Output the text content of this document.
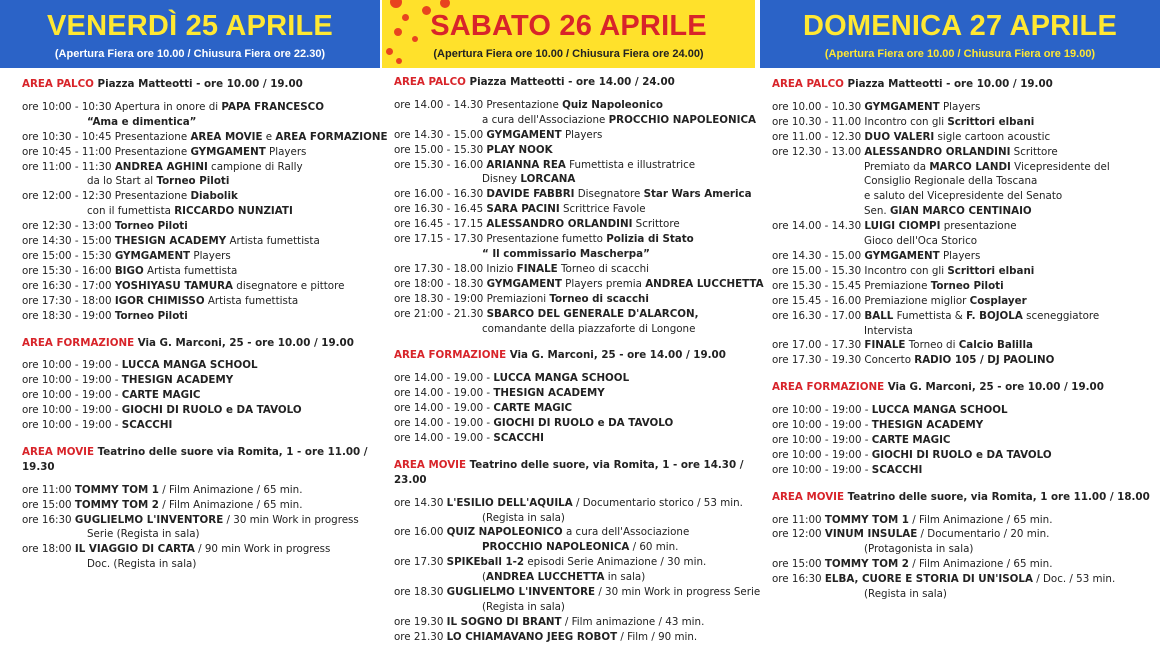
VENERDÌ 25 APRILE
(Apertura Fiera ore 10.00 / Chiusura Fiera ore 22.30)
AREA PALCO Piazza Matteotti - ore 10.00 / 19.00
ore 10:00 - 10:30 Apertura in onore di PAPA FRANCESCO
“Ama e dimentica”
ore 10:30 - 10:45 Presentazione AREA MOVIE e AREA FORMAZIONE
ore 10:45 - 11:00 Presentazione GYMGAMENT Players
ore 11:00 - 11:30 ANDREA AGHINI campione di Rally
da lo Start al Torneo Piloti
ore 12:00 - 12:30 Presentazione Diabolik
con il fumettista RICCARDO NUNZIATI
ore 12:30 - 13:00 Torneo Piloti
ore 14:30 - 15:00 THESIGN ACADEMY Artista fumettista
ore 15:00 - 15:30 GYMGAMENT Players
ore 15:30 - 16:00 BIGO Artista fumettista
ore 16:30 - 17:00 YOSHIYASU TAMURA disegnatore e pittore
ore 17:30 - 18:00 IGOR CHIMISSO Artista fumettista
ore 18:30 - 19:00 Torneo Piloti
AREA FORMAZIONE Via G. Marconi, 25 - ore 10.00 / 19.00
ore 10:00 - 19:00 - LUCCA MANGA SCHOOL
ore 10:00 - 19:00 - THESIGN ACADEMY
ore 10:00 - 19:00 - CARTE MAGIC
ore 10:00 - 19:00 - GIOCHI DI RUOLO e DA TAVOLO
ore 10:00 - 19:00 - SCACCHI
AREA MOVIE Teatrino delle suore via Romita, 1 - ore 11.00 / 19.30
ore 11:00 TOMMY TOM 1 / Film Animazione / 65 min.
ore 15:00 TOMMY TOM 2 / Film Animazione / 65 min.
ore 16:30 GUGLIELMO L'INVENTORE / 30 min Work in progress
Serie (Regista in sala)
ore 18:00 IL VIAGGIO DI CARTA / 90 min Work in progress
Doc. (Regista in sala)
SABATO 26 APRILE
(Apertura Fiera ore 10.00 / Chiusura Fiera ore 24.00)
AREA PALCO Piazza Matteotti - ore 14.00 / 24.00
ore 14.00 - 14.30 Presentazione Quiz Napoleonico
a cura dell'Associazione PROCCHIO NAPOLEONICA
ore 14.30 - 15.00 GYMGAMENT Players
ore 15.00 - 15.30 PLAY NOOK
ore 15.30 - 16.00 ARIANNA REA Fumettista e illustratrice
Disney LORCANA
ore 16.00 - 16.30 DAVIDE FABBRI Disegnatore Star Wars America
ore 16.30 - 16.45 SARA PACINI Scrittrice Favole
ore 16.45 - 17.15 ALESSANDRO ORLANDINI Scrittore
ore 17.15 - 17.30 Presentazione fumetto Polizia di Stato
“ Il commissario Mascherpa”
ore 17.30 - 18.00 Inizio FINALE Torneo di scacchi
ore 18:00 - 18.30 GYMGAMENT Players premia ANDREA LUCCHETTA
ore 18.30 - 19:00 Premiazioni Torneo di scacchi
ore 21:00 - 21.30 SBARCO DEL GENERALE D'ALARCON,
comandante della piazzaforte di Longone
AREA FORMAZIONE Via G. Marconi, 25 - ore 14.00 / 19.00
ore 14.00 - 19.00 - LUCCA MANGA SCHOOL
ore 14.00 - 19.00 - THESIGN ACADEMY
ore 14.00 - 19.00 - CARTE MAGIC
ore 14.00 - 19.00 - GIOCHI DI RUOLO e DA TAVOLO
ore 14.00 - 19.00 - SCACCHI
AREA MOVIE Teatrino delle suore, via Romita, 1 - ore 14.30 / 23.00
ore 14.30 L'ESILIO DELL'AQUILA / Documentario storico / 53 min.
(Regista in sala)
ore 16.00 QUIZ NAPOLEONICO a cura dell'Associazione
PROCCHIO NAPOLEONICA / 60 min.
ore 17.30 SPIKEball 1-2 episodi Serie Animazione / 30 min.
(ANDREA LUCCHETTA in sala)
ore 18.30 GUGLIELMO L'INVENTORE / 30 min Work in progress Serie
(Regista in sala)
ore 19.30 IL SOGNO DI BRANT / Film animazione / 43 min.
ore 21.30 LO CHIAMAVANO JEEG ROBOT / Film / 90 min.
DOMENICA 27 APRILE
(Apertura Fiera ore 10.00 / Chiusura Fiera ore 19.00)
AREA PALCO Piazza Matteotti - ore 10.00 / 19.00
ore 10.00 - 10.30 GYMGAMENT Players
ore 10.30 - 11.00 Incontro con gli Scrittori elbani
ore 11.00 - 12.30 DUO VALERI sigle cartoon acoustic
ore 12.30 - 13.00 ALESSANDRO ORLANDINI Scrittore
Premiato da MARCO LANDI Vicepresidente del
Consiglio Regionale della Toscana
e saluto del Vicepresidente del Senato
Sen. GIAN MARCO CENTINAIO
ore 14.00 - 14.30 LUIGI CIOMPI presentazione
Gioco dell'Oca Storico
ore 14.30 - 15.00 GYMGAMENT Players
ore 15.00 - 15.30 Incontro con gli Scrittori elbani
ore 15.30 - 15.45 Premiazione Torneo Piloti
ore 15.45 - 16.00 Premiazione miglior Cosplayer
ore 16.30 - 17.00 BALL Fumettista & F. BOJOLA sceneggiatore
Intervista
ore 17.00 - 17.30 FINALE Torneo di Calcio Balilla
ore 17.30 - 19.30 Concerto RADIO 105 / DJ PAOLINO
AREA FORMAZIONE Via G. Marconi, 25 - ore 10.00 / 19.00
ore 10:00 - 19:00 - LUCCA MANGA SCHOOL
ore 10:00 - 19:00 - THESIGN ACADEMY
ore 10:00 - 19:00 - CARTE MAGIC
ore 10:00 - 19:00 - GIOCHI DI RUOLO e DA TAVOLO
ore 10:00 - 19:00 - SCACCHI
AREA MOVIE Teatrino delle suore, via Romita, 1 ore 11.00 / 18.00
ore 11:00 TOMMY TOM 1 / Film Animazione / 65 min.
ore 12:00 VINUM INSULAE / Documentario / 20 min.
(Protagonista in sala)
ore 15:00 TOMMY TOM 2 / Film Animazione / 65 min.
ore 16:30 ELBA, CUORE E STORIA DI UN'ISOLA / Doc. / 53 min.
(Regista in sala)
